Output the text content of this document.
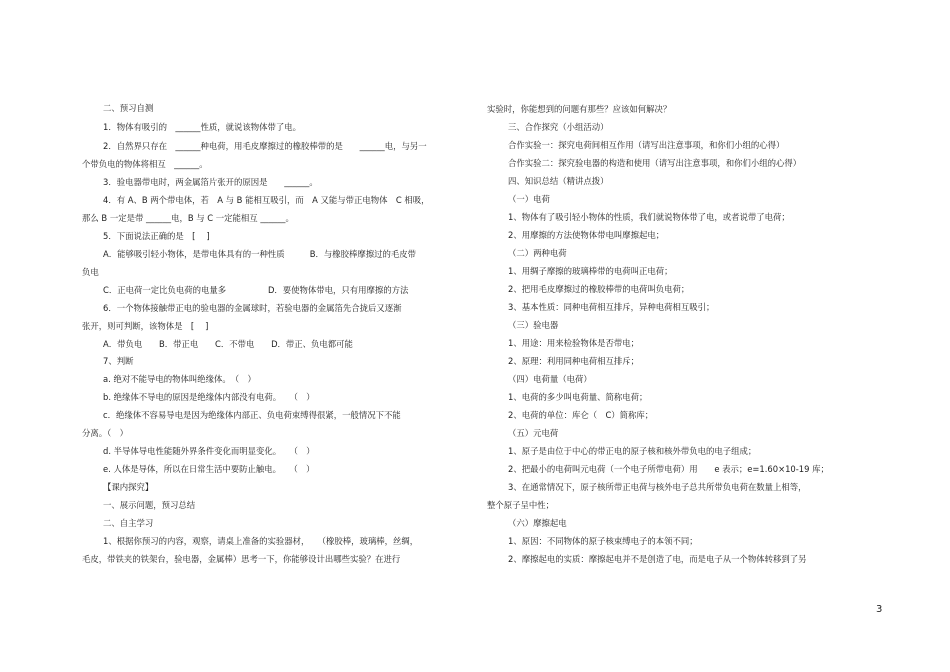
二、预习自测
1．物体有吸引的　______性质，就说该物体带了电。
2．自然界只存在　______种电荷，用毛皮摩擦过的橡胶棒带的是　　______电，与另一
个带负电的物体将相互　______。
3．验电器带电时，两金属箔片张开的原因是　　______。
4．有 A、B 两个带电体，若　A 与 B 能相互吸引，而　A 又能与带正电物体　C 相吸，
那么 B 一定是带 ______电，B 与 C 一定能相互 ______。
5．下面说法正确的是　[　 ]
A．能够吸引轻小物体，是带电体具有的一种性质　　　B．与橡胶棒摩擦过的毛皮带
负电
C．正电荷一定比负电荷的电量多　　　　　D．要使物体带电，只有用摩擦的方法
6．一个物体接触带正电的验电器的金属球时，若验电器的金属箔先合拢后又逐渐
张开，则可判断，该物体是　[　 ]
A．带负电　　B．带正电　　C．不带电　　D．带正、负电都可能
7、判断
a. 绝对不能导电的物体叫绝缘体。　（　）
b. 绝缘体不导电的原因是绝缘体内部没有电荷。　　（　）
c．绝缘体不容易导电是因为绝缘体内部正、负电荷束缚得很紧，一般情况下不能
分离。（　）
d. 半导体导电性能随外界条件变化而明显变化。　　（　）
e. 人体是导体，所以在日常生活中要防止触电。　　（　）
【课内探究】
一、展示问题，预习总结
二、自主学习
1、根据你预习的内容，观察，请桌上准备的实验器材，　　（橡胶棒，玻璃棒，丝绸，
毛皮，带铁夹的铁架台，验电器，金属棒）思考一下，你能够设计出哪些实验？在进行
实验时，你能想到的问题有那些？应该如何解决？
三、合作探究（小组活动）
合作实验一：探究电荷间相互作用（请写出注意事项，和你们小组的心得）
合作实验二：探究验电器的构造和使用（请写出注意事项，和你们小组的心得）
四、知识总结（精讲点拨）
（一）电荷
1、物体有了吸引轻小物体的性质，我们就说物体带了电，或者说带了电荷；
2、用摩擦的方法使物体带电叫摩擦起电；
（二）两种电荷
1、用绸子摩擦的玻璃棒带的电荷叫正电荷；
2、把用毛皮摩擦过的橡胶棒带的电荷叫负电荷；
3、基本性质：同种电荷相互排斥，异种电荷相互吸引；
（三）验电器
1、用途：用来检验物体是否带电；
2、原理：利用同种电荷相互排斥；
（四）电荷量（电荷）
1、电荷的多少叫电荷量、简称电荷；
2、电荷的单位：库仑（　C）简称库；
（五）元电荷
1、原子是由位于中心的带正电的原子核和核外带负电的电子组成；
2、把最小的电荷叫元电荷（一个电子所带电荷）用　　e 表示；e=1.60×10-19 库；
3、在通常情况下，原子核所带正电荷与核外电子总共所带负电荷在数量上相等，
整个原子呈中性；
（六）摩擦起电
1、原因：不同物体的原子核束缚电子的本领不同；
2、摩擦起电的实质：摩擦起电并不是创造了电，而是电子从一个物体转移到了另
3
